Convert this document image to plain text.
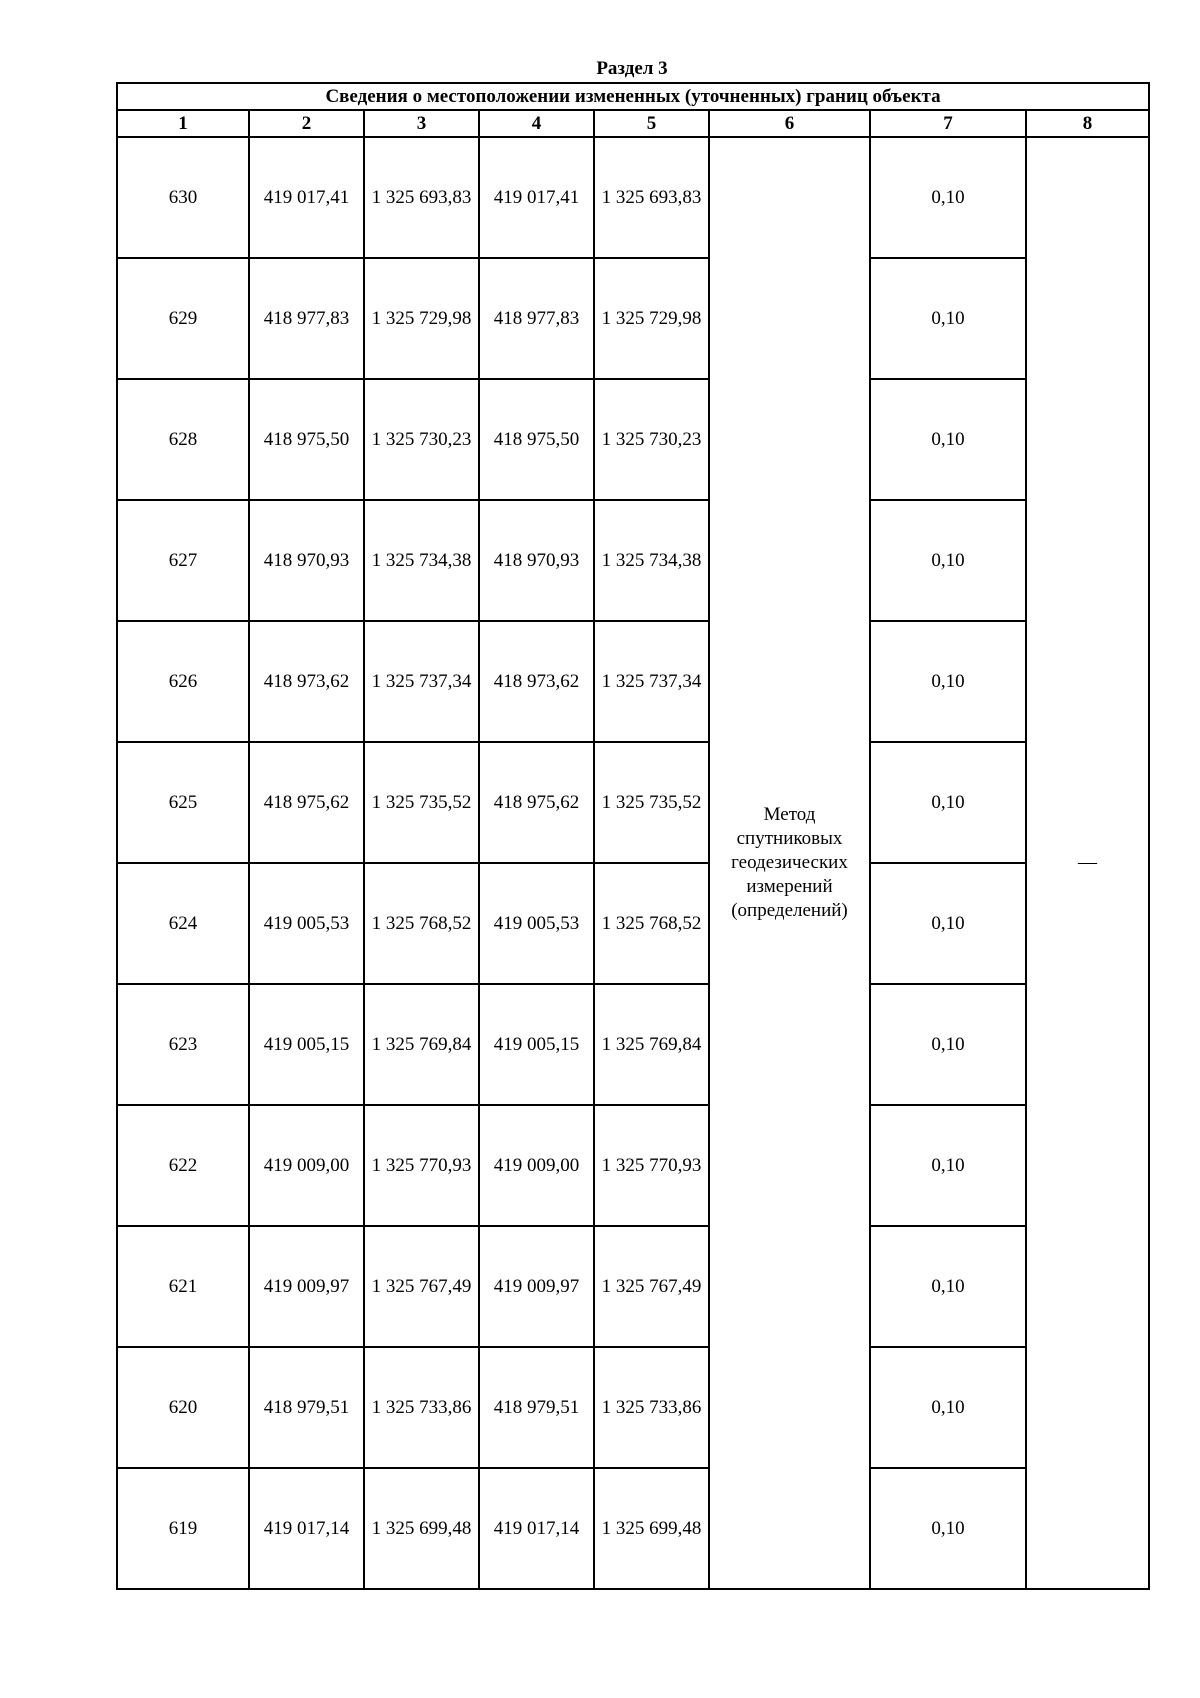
Раздел 3
Сведения о местоположении измененных (уточненных) границ объекта							
1	2	3	4	5	6	7	8
630	419 017,41	1 325 693,83	419 017,41	1 325 693,83	Метод спутниковых геодезических измерений (определений)	0,10	—
629	418 977,83	1 325 729,98	418 977,83	1 325 729,98		0,10	
628	418 975,50	1 325 730,23	418 975,50	1 325 730,23		0,10	
627	418 970,93	1 325 734,38	418 970,93	1 325 734,38		0,10	
626	418 973,62	1 325 737,34	418 973,62	1 325 737,34		0,10	
625	418 975,62	1 325 735,52	418 975,62	1 325 735,52		0,10	
624	419 005,53	1 325 768,52	419 005,53	1 325 768,52		0,10	
623	419 005,15	1 325 769,84	419 005,15	1 325 769,84		0,10	
622	419 009,00	1 325 770,93	419 009,00	1 325 770,93		0,10	
621	419 009,97	1 325 767,49	419 009,97	1 325 767,49		0,10	
620	418 979,51	1 325 733,86	418 979,51	1 325 733,86		0,10	
619	419 017,14	1 325 699,48	419 017,14	1 325 699,48		0,10	
